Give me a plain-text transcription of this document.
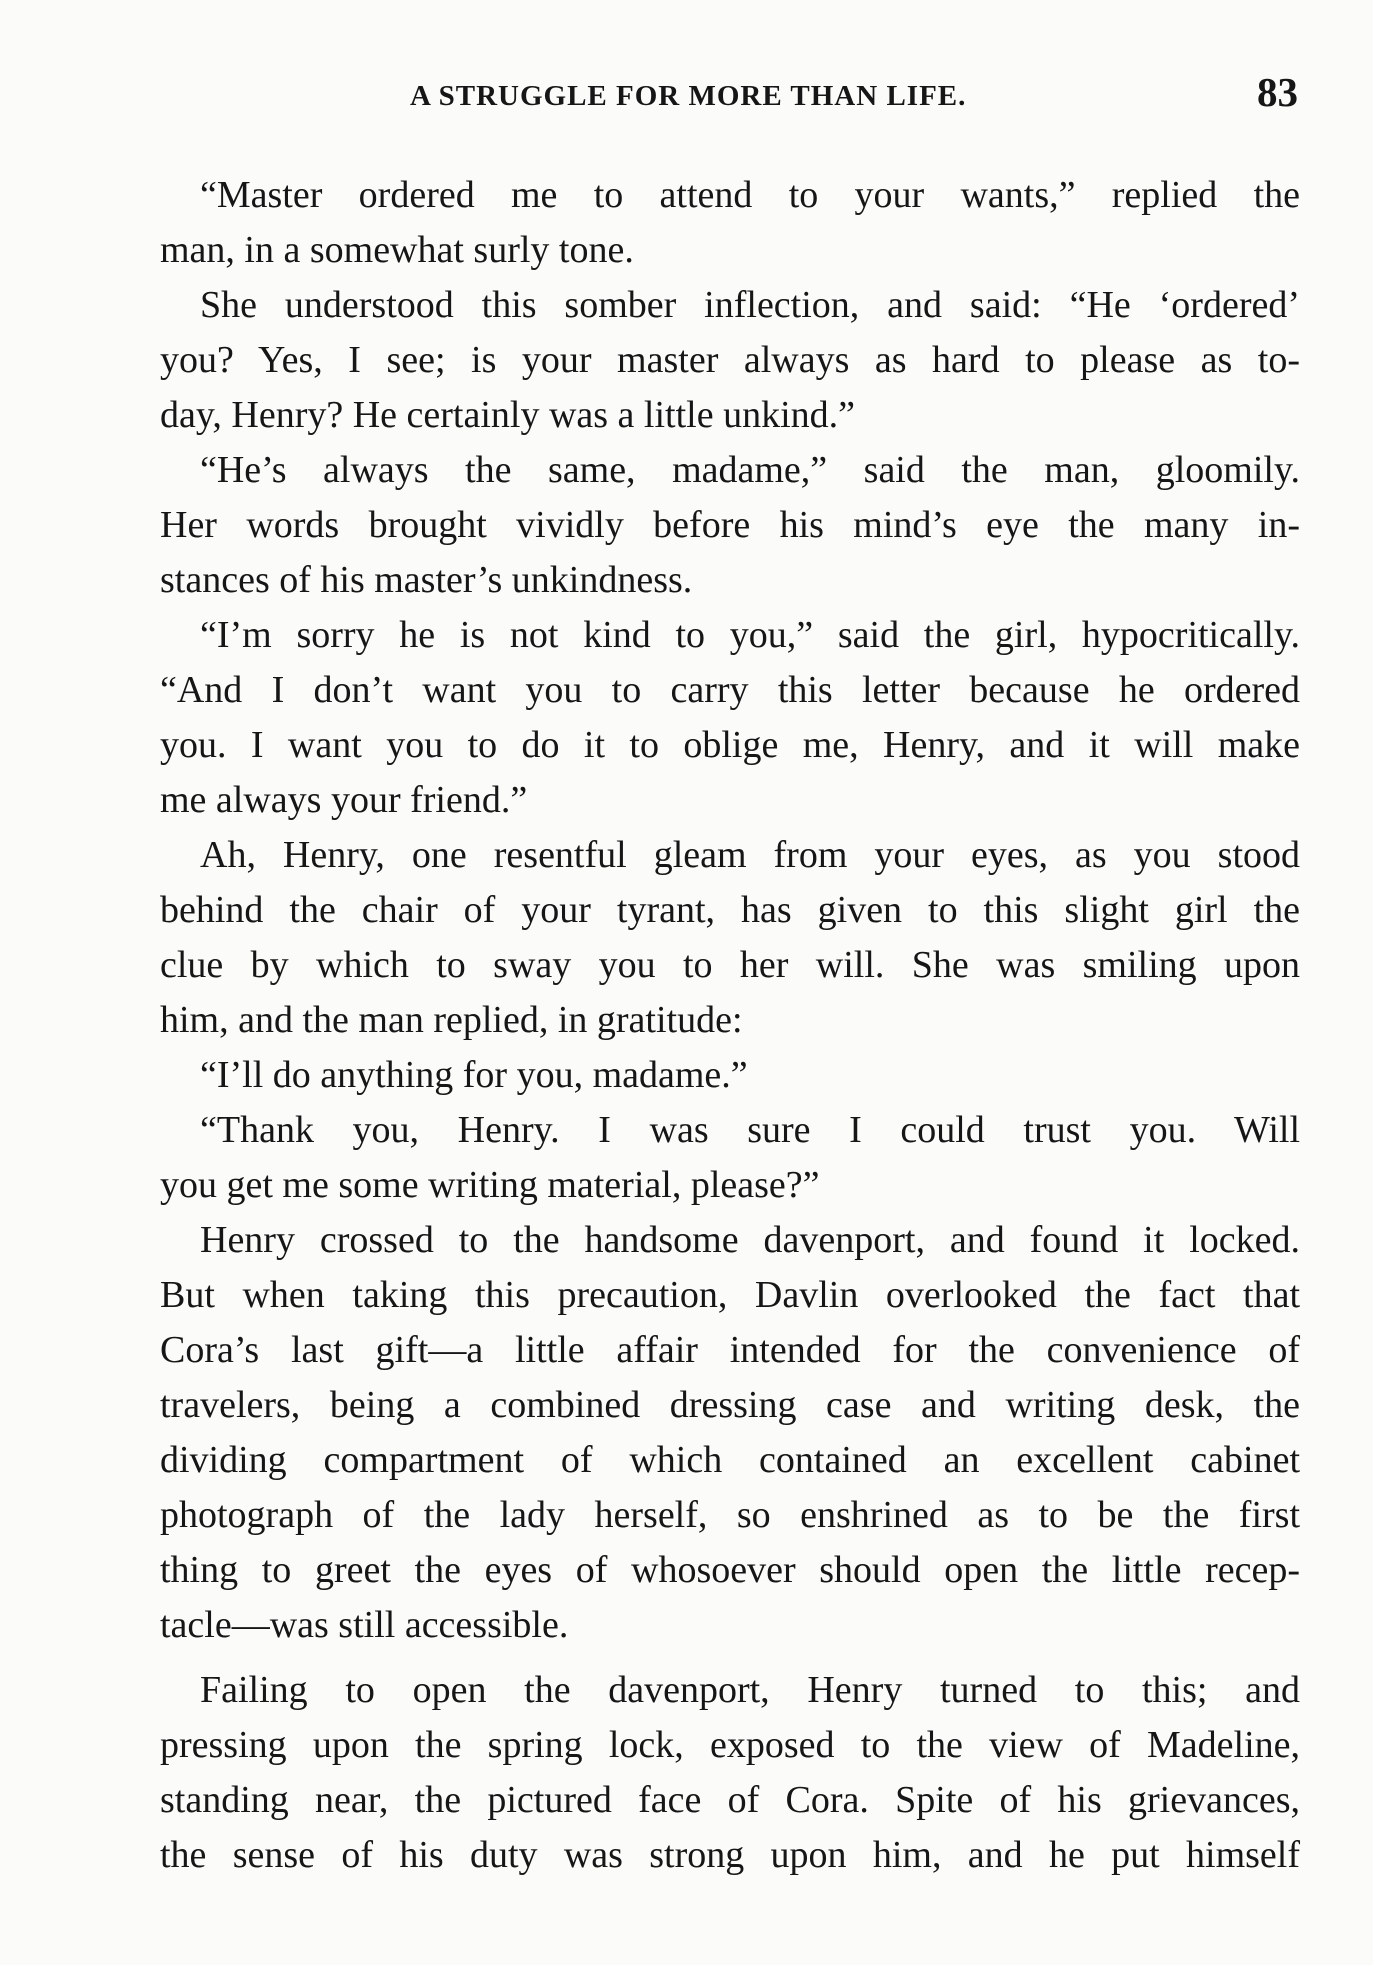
A STRUGGLE FOR MORE THAN LIFE.	83
“Master ordered me to attend to your wants,” replied the
man, in a somewhat surly tone.
She understood this somber inflection, and said: “He ‘ordered’
you? Yes, I see; is your master always as hard to please as to-
day, Henry? He certainly was a little unkind.”
“He’s always the same, madame,” said the man, gloomily.
Her words brought vividly before his mind’s eye the many in-
stances of his master’s unkindness.
“I’m sorry he is not kind to you,” said the girl, hypocritically.
“And I don’t want you to carry this letter because he ordered
you. I want you to do it to oblige me, Henry, and it will make
me always your friend.”
Ah, Henry, one resentful gleam from your eyes, as you stood
behind the chair of your tyrant, has given to this slight girl the
clue by which to sway you to her will. She was smiling upon
him, and the man replied, in gratitude:
“I’ll do anything for you, madame.”
“Thank you, Henry. I was sure I could trust you. Will
you get me some writing material, please?”
Henry crossed to the handsome davenport, and found it locked.
But when taking this precaution, Davlin overlooked the fact that
Cora’s last gift—a little affair intended for the convenience of
travelers, being a combined dressing case and writing desk, the
dividing compartment of which contained an excellent cabinet
photograph of the lady herself, so enshrined as to be the first
thing to greet the eyes of whosoever should open the little recep-
tacle—was still accessible.
Failing to open the davenport, Henry turned to this; and
pressing upon the spring lock, exposed to the view of Madeline,
standing near, the pictured face of Cora. Spite of his grievances,
the sense of his duty was strong upon him, and he put himself
